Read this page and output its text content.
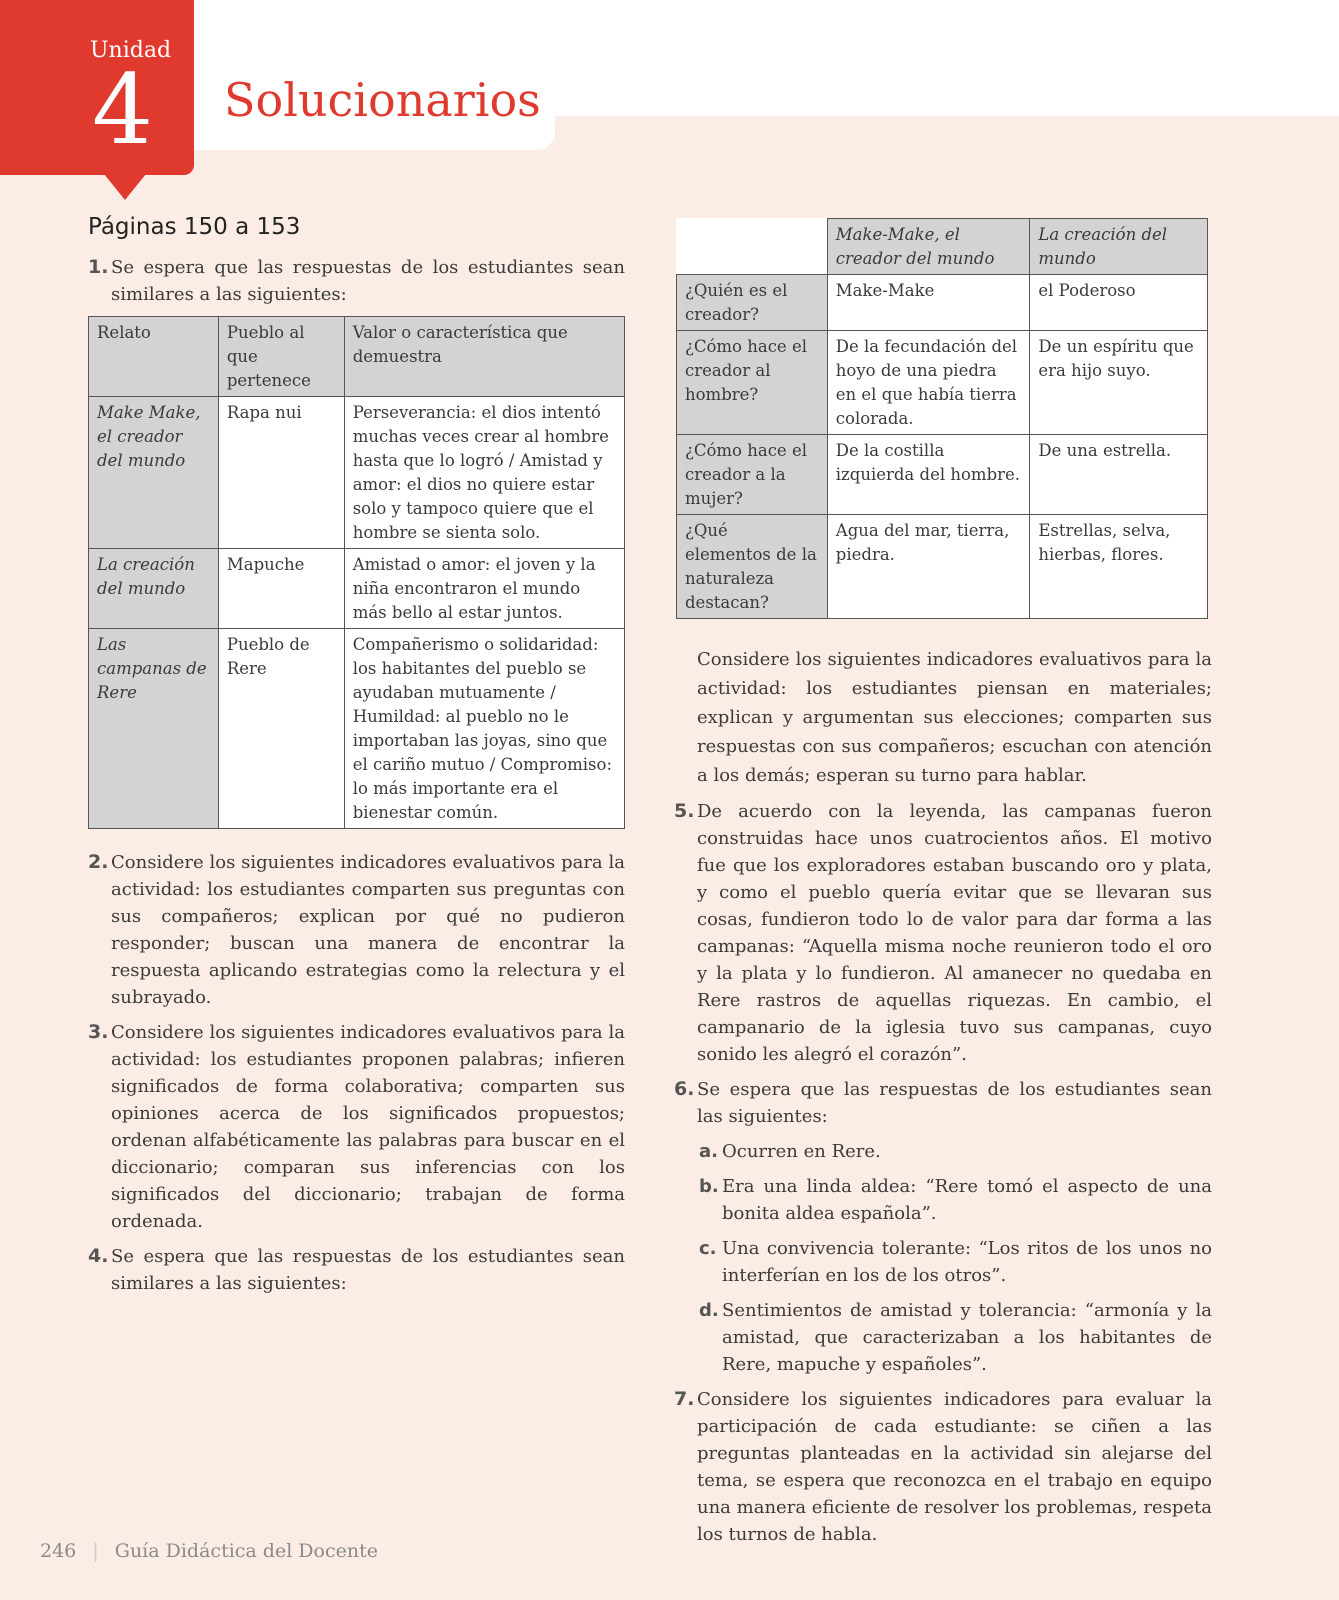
Unidad
4 Solucionarios
Páginas 150 a 153
1. Se espera que las respuestas de los estudiantes sean similares a las siguientes:
Relato	Pueblo al que pertenece	Valor o característica que demuestra
Make Make, el creador del mundo	Rapa nui	Perseverancia: el dios intentó muchas veces crear al hombre hasta que lo logró / Amistad y amor: el dios no quiere estar solo y tampoco quiere que el hombre se sienta solo.
La creación del mundo	Mapuche	Amistad o amor: el joven y la niña encontraron el mundo más bello al estar juntos.
Las campanas de Rere	Pueblo de Rere	Compañerismo o solidaridad: los habitantes del pueblo se ayudaban mutuamente / Humildad: al pueblo no le importaban las joyas, sino que el cariño mutuo / Compromiso: lo más importante era el bienestar común.
2. Considere los siguientes indicadores evaluativos para la actividad: los estudiantes comparten sus preguntas con sus compañeros; explican por qué no pudieron responder; buscan una manera de encontrar la respuesta aplicando estrategias como la relectura y el subrayado.
3. Considere los siguientes indicadores evaluativos para la actividad: los estudiantes proponen palabras; infieren significados de forma colaborativa; comparten sus opiniones acerca de los significados propuestos; ordenan alfabéticamente las palabras para buscar en el diccionario; comparan sus inferencias con los significados del diccionario; trabajan de forma ordenada.
4. Se espera que las respuestas de los estudiantes sean similares a las siguientes:
	Make-Make, el creador del mundo	La creación del mundo
¿Quién es el creador?	Make-Make	el Poderoso
¿Cómo hace el creador al hombre?	De la fecundación del hoyo de una piedra en el que había tierra colorada.	De un espíritu que era hijo suyo.
¿Cómo hace el creador a la mujer?	De la costilla izquierda del hombre.	De una estrella.
¿Qué elementos de la naturaleza destacan?	Agua del mar, tierra, piedra.	Estrellas, selva, hierbas, flores.

Considere los siguientes indicadores evaluativos para la actividad: los estudiantes piensan en materiales; explican y argumentan sus elecciones; comparten sus respuestas con sus compañeros; escuchan con atención a los demás; esperan su turno para hablar.

5. De acuerdo con la leyenda, las campanas fueron construidas hace unos cuatrocientos años. El motivo fue que los exploradores estaban buscando oro y plata, y como el pueblo quería evitar que se llevaran sus cosas, fundieron todo lo de valor para dar forma a las campanas: “Aquella misma noche reunieron todo el oro y la plata y lo fundieron. Al amanecer no quedaba en Rere rastros de aquellas riquezas. En cambio, el campanario de la iglesia tuvo sus campanas, cuyo sonido les alegró el corazón”.
6. Se espera que las respuestas de los estudiantes sean las siguientes:
a. Ocurren en Rere.
b. Era una linda aldea: “Rere tomó el aspecto de una bonita aldea española”.
c. Una convivencia tolerante: “Los ritos de los unos no interferían en los de los otros”.
d. Sentimientos de amistad y tolerancia: “armonía y la amistad, que caracterizaban a los habitantes de Rere, mapuche y españoles”.
7. Considere los siguientes indicadores para evaluar la participación de cada estudiante: se ciñen a las preguntas planteadas en la actividad sin alejarse del tema, se espera que reconozca en el trabajo en equipo una manera eficiente de resolver los problemas, respeta los turnos de habla.
246 | Guía Didáctica del Docente
